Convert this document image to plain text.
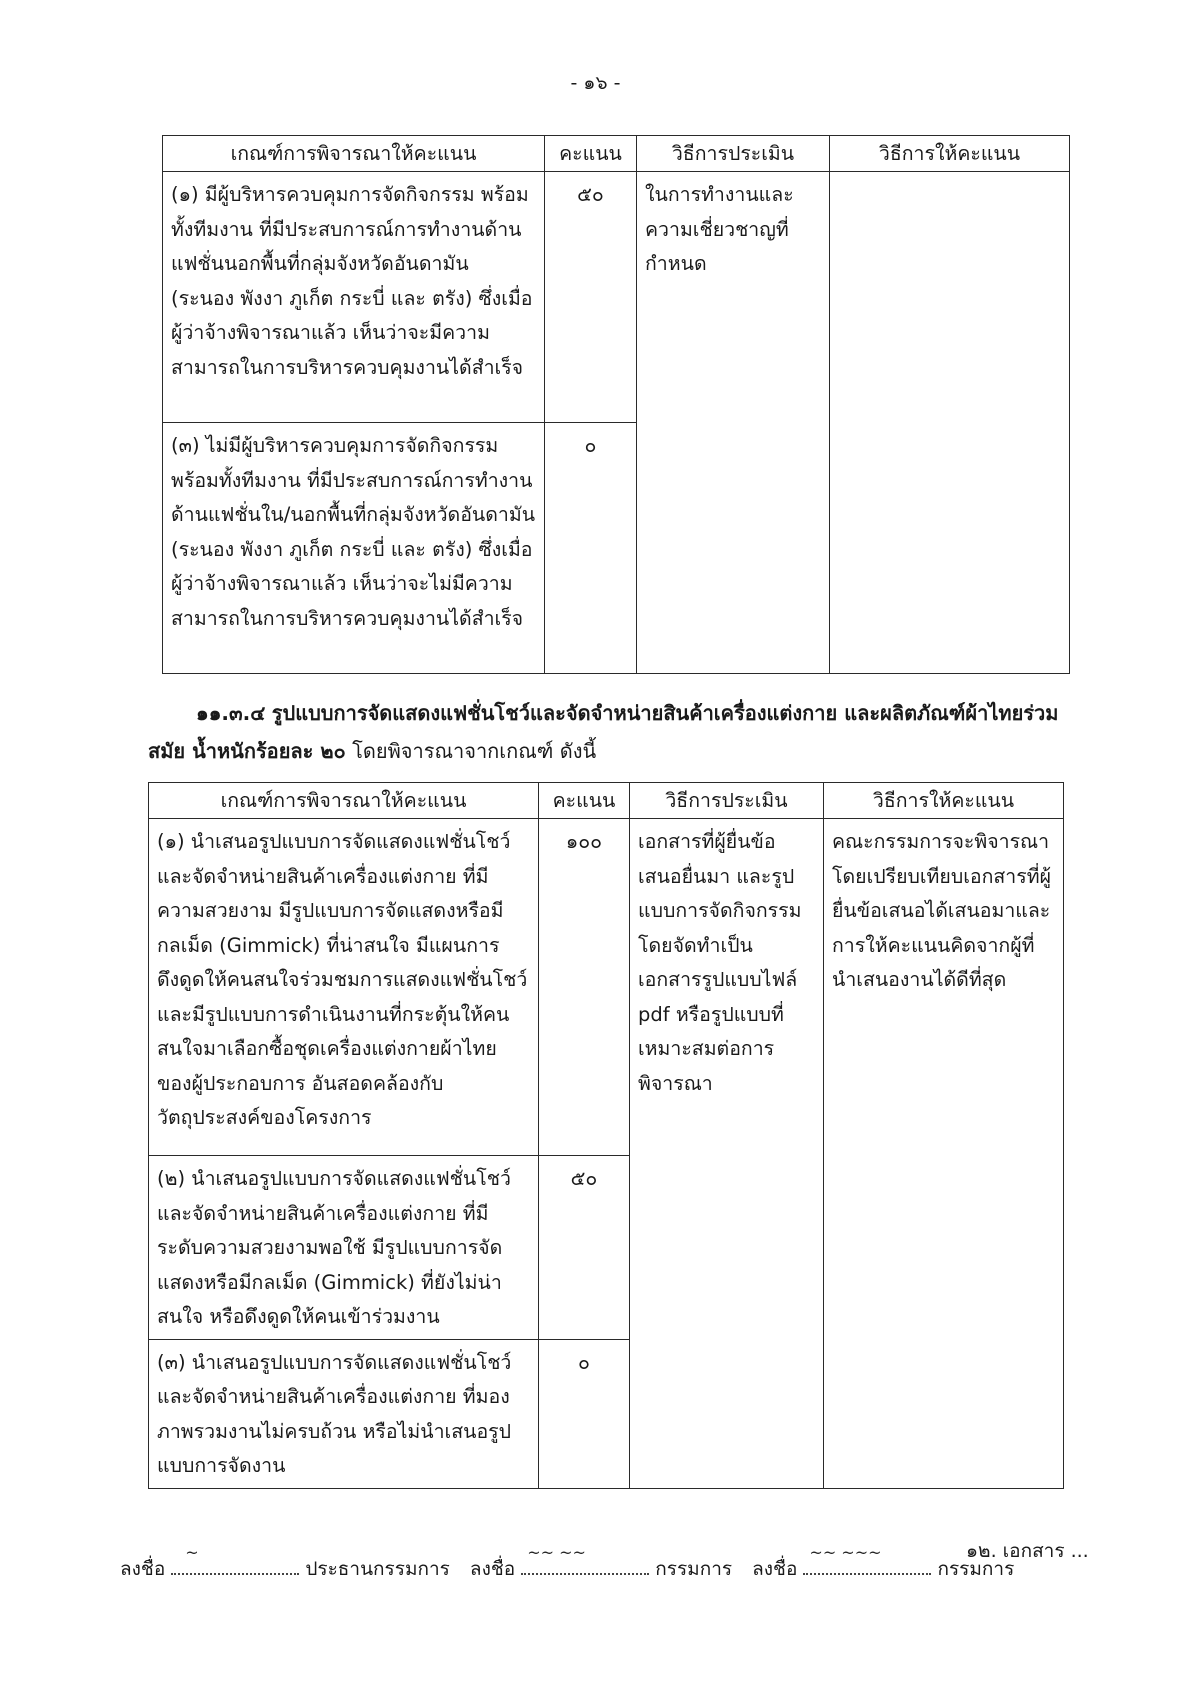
- ๑๖ -
เกณฑ์การพิจารณาให้คะแนน	คะแนน	วิธีการประเมิน	วิธีการให้คะแนน
(๑) มีผู้บริหารควบคุมการจัดกิจกรรม พร้อมทั้งทีมงาน ที่มีประสบการณ์การทำงานด้านแฟชั่นนอกพื้นที่กลุ่มจังหวัดอันดามัน (ระนอง พังงา ภูเก็ต กระบี่ และ ตรัง) ซึ่งเมื่อผู้ว่าจ้างพิจารณาแล้ว เห็นว่าจะมีความสามารถในการบริหารควบคุมงานได้สำเร็จ	๕๐	ในการทำงานและความเชี่ยวชาญที่กำหนด	
(๓) ไม่มีผู้บริหารควบคุมการจัดกิจกรรม พร้อมทั้งทีมงาน ที่มีประสบการณ์การทำงานด้านแฟชั่นใน/นอกพื้นที่กลุ่มจังหวัดอันดามัน (ระนอง พังงา ภูเก็ต กระบี่ และ ตรัง) ซึ่งเมื่อผู้ว่าจ้างพิจารณาแล้ว เห็นว่าจะไม่มีความสามารถในการบริหารควบคุมงานได้สำเร็จ	๐		
๑๑.๓.๔ รูปแบบการจัดแสดงแฟชั่นโชว์และจัดจำหน่ายสินค้าเครื่องแต่งกาย และผลิตภัณฑ์ผ้าไทยร่วมสมัย น้ำหนักร้อยละ ๒๐ โดยพิจารณาจากเกณฑ์ ดังนี้
เกณฑ์การพิจารณาให้คะแนน	คะแนน	วิธีการประเมิน	วิธีการให้คะแนน
(๑) นำเสนอรูปแบบการจัดแสดงแฟชั่นโชว์และจัดจำหน่ายสินค้าเครื่องแต่งกาย ที่มีความสวยงาม มีรูปแบบการจัดแสดงหรือมีกลเม็ด (Gimmick) ที่น่าสนใจ มีแผนการดึงดูดให้คนสนใจร่วมชมการแสดงแฟชั่นโชว์และมีรูปแบบการดำเนินงานที่กระตุ้นให้คนสนใจมาเลือกซื้อชุดเครื่องแต่งกายผ้าไทยของผู้ประกอบการ อันสอดคล้องกับวัตถุประสงค์ของโครงการ	๑๐๐	เอกสารที่ผู้ยื่นข้อเสนอยื่นมา และรูปแบบการจัดกิจกรรม โดยจัดทำเป็นเอกสารรูปแบบไฟล์ pdf หรือรูปแบบที่เหมาะสมต่อการพิจารณา	คณะกรรมการจะพิจารณาโดยเปรียบเทียบเอกสารที่ผู้ยื่นข้อเสนอได้เสนอมาและการให้คะแนนคิดจากผู้ที่นำเสนองานได้ดีที่สุด
(๒) นำเสนอรูปแบบการจัดแสดงแฟชั่นโชว์และจัดจำหน่ายสินค้าเครื่องแต่งกาย ที่มีระดับความสวยงามพอใช้ มีรูปแบบการจัดแสดงหรือมีกลเม็ด (Gimmick) ที่ยังไม่น่าสนใจ หรือดึงดูดให้คนเข้าร่วมงาน	๕๐		
(๓) นำเสนอรูปแบบการจัดแสดงแฟชั่นโชว์และจัดจำหน่ายสินค้าเครื่องแต่งกาย ที่มองภาพรวมงานไม่ครบถ้วน หรือไม่นำเสนอรูปแบบการจัดงาน	๐		
๑๒. เอกสาร ...
ลงชื่อ
~
ประธานกรรมการ ลงชื่อ
~~ ~~
กรรมการ ลงชื่อ
~~ ~~~
กรรมการ
